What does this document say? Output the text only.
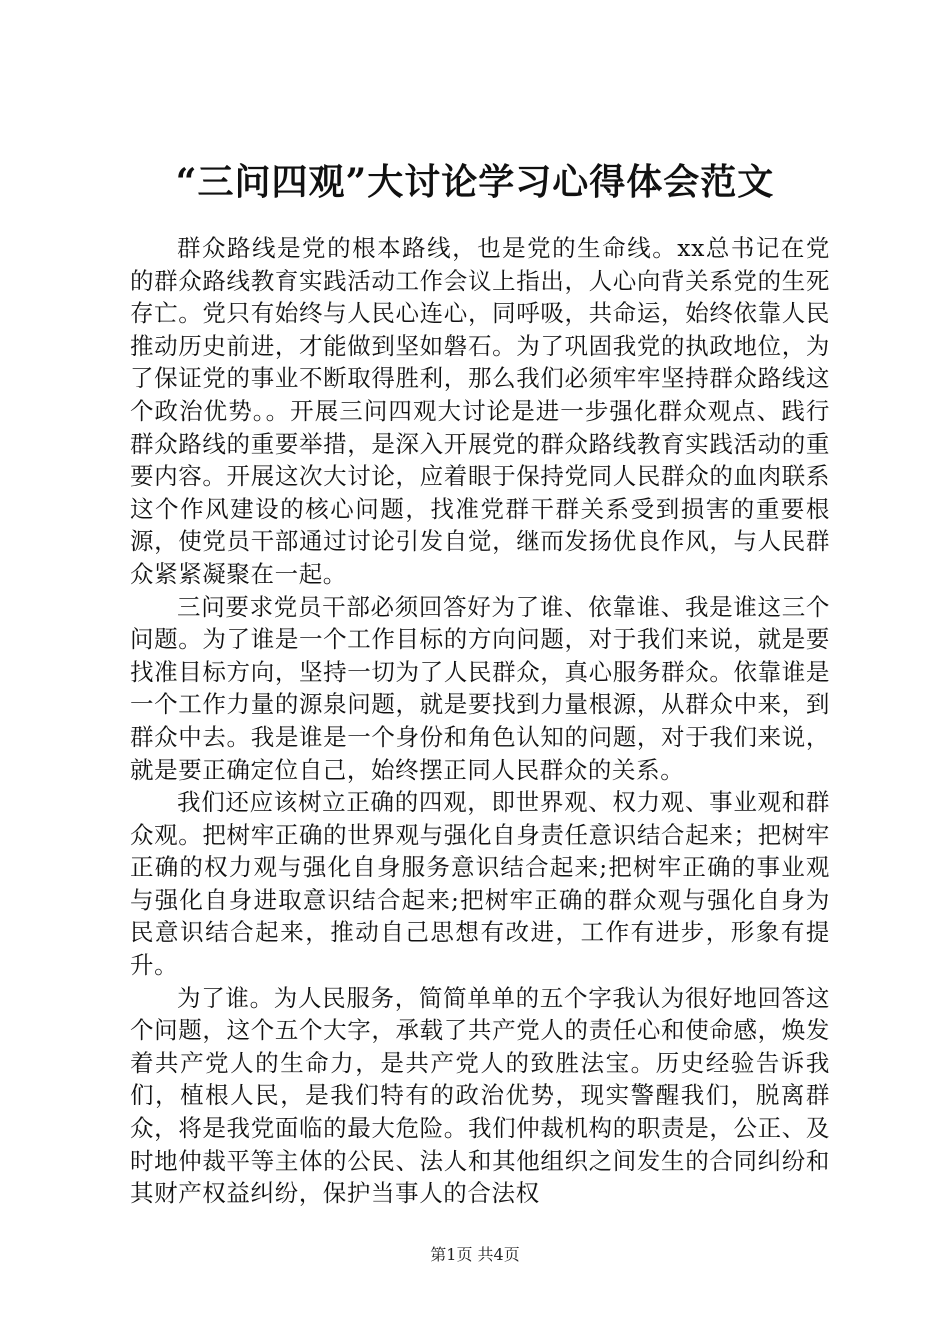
“三问四观”大讨论学习心得体会范文

群众路线是党的根本路线，也是党的生命线。xx总书记在党的群众路线教育实践活动工作会议上指出，人心向背关系党的生死存亡。党只有始终与人民心连心，同呼吸，共命运，始终依靠人民推动历史前进，才能做到坚如磐石。为了巩固我党的执政地位，为了保证党的事业不断取得胜利，那么我们必须牢牢坚持群众路线这个政治优势。。开展三问四观大讨论是进一步强化群众观点、践行群众路线的重要举措，是深入开展党的群众路线教育实践活动的重要内容。开展这次大讨论，应着眼于保持党同人民群众的血肉联系这个作风建设的核心问题，找准党群干群关系受到损害的重要根源，使党员干部通过讨论引发自觉，继而发扬优良作风，与人民群众紧紧凝聚在一起。

三问要求党员干部必须回答好为了谁、依靠谁、我是谁这三个问题。为了谁是一个工作目标的方向问题，对于我们来说，就是要找准目标方向，坚持一切为了人民群众，真心服务群众。依靠谁是一个工作力量的源泉问题，就是要找到力量根源，从群众中来，到群众中去。我是谁是一个身份和角色认知的问题，对于我们来说，就是要正确定位自己，始终摆正同人民群众的关系。

我们还应该树立正确的四观，即世界观、权力观、事业观和群众观。把树牢正确的世界观与强化自身责任意识结合起来；把树牢正确的权力观与强化自身服务意识结合起来;把树牢正确的事业观与强化自身进取意识结合起来;把树牢正确的群众观与强化自身为民意识结合起来，推动自己思想有改进，工作有进步，形象有提升。

为了谁。为人民服务，简简单单的五个字我认为很好地回答这个问题，这个五个大字，承载了共产党人的责任心和使命感，焕发着共产党人的生命力，是共产党人的致胜法宝。历史经验告诉我们，植根人民，是我们特有的政治优势，现实警醒我们，脱离群众，将是我党面临的最大危险。我们仲裁机构的职责是，公正、及时地仲裁平等主体的公民、法人和其他组织之间发生的合同纠纷和其财产权益纠纷，保护当事人的合法权

第1页 共4页
